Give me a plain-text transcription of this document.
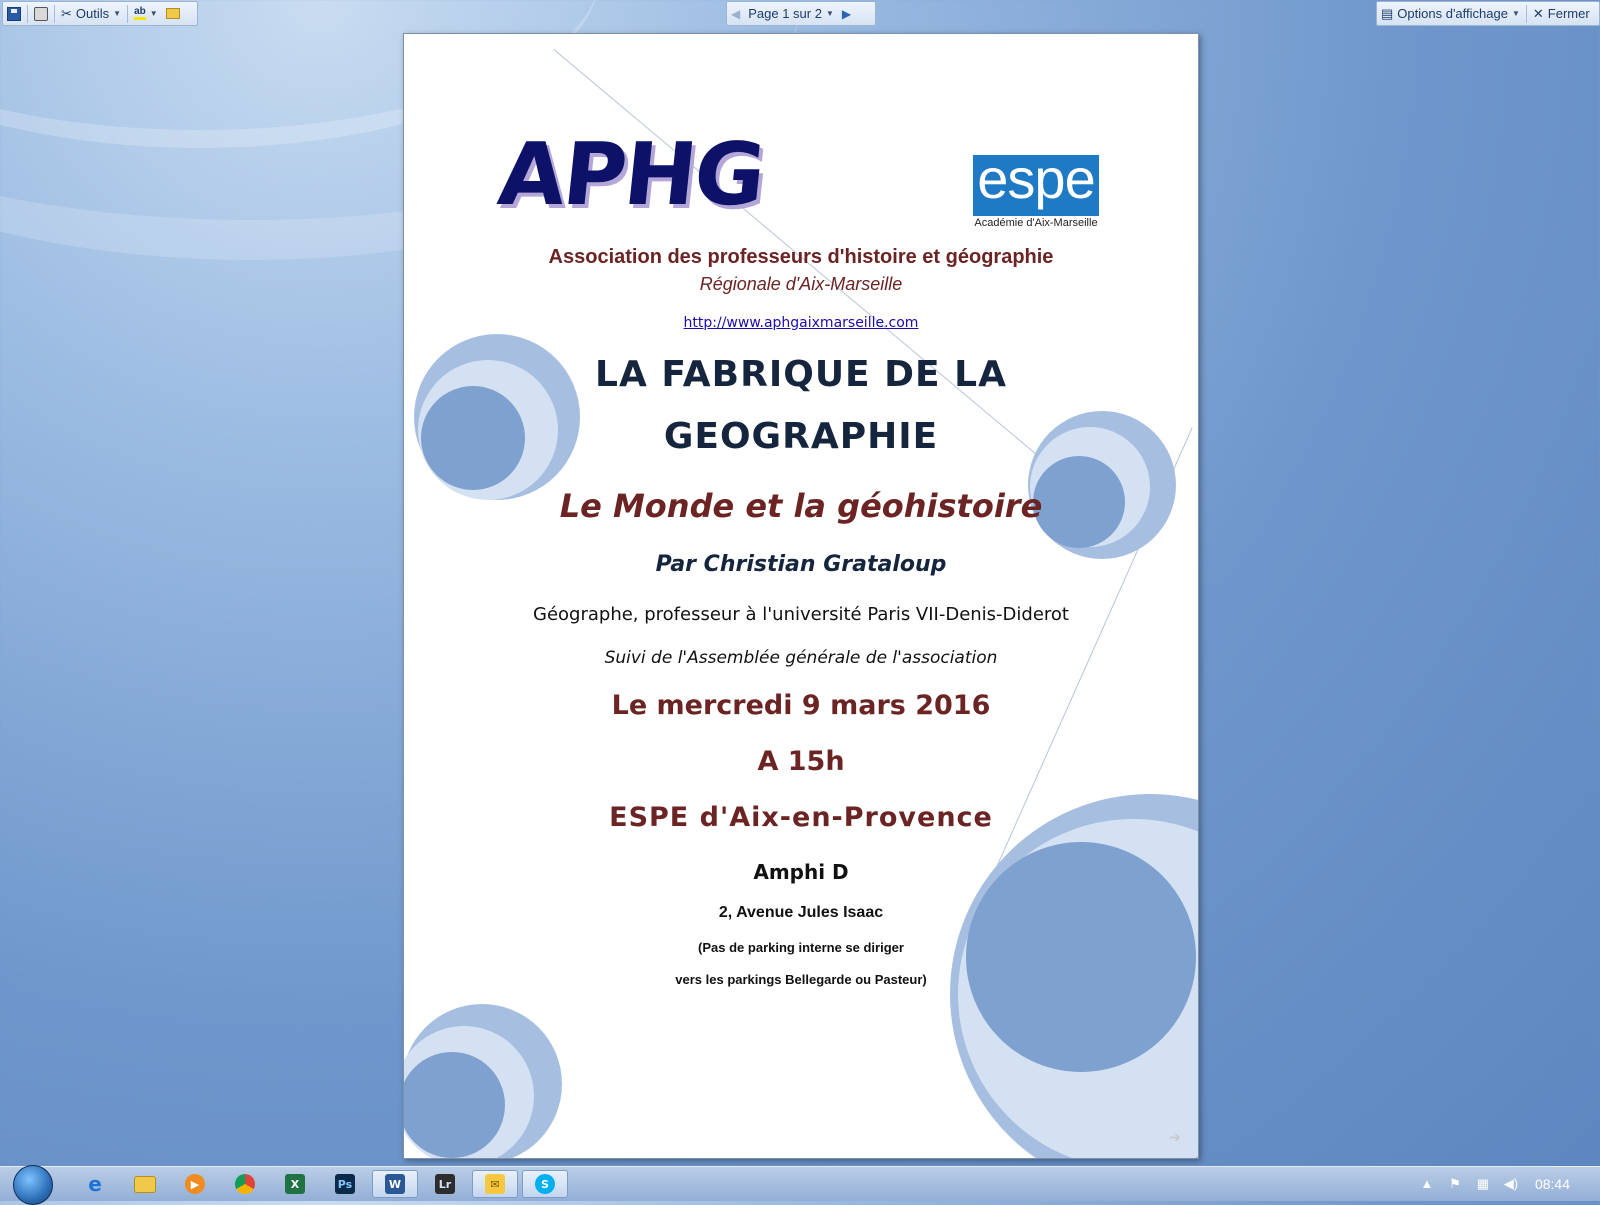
✂ Outils ▼ ab ▼	◀ Page 1 sur 2 ▼ ▶	▤ Options d'affichage ▼ ✕ Fermer
APHG	espe
Académie d'Aix-Marseille
Association des professeurs d'histoire et géographie
Régionale d'Aix-Marseille
http://www.aphgaixmarseille.com
LA FABRIQUE DE LA
GEOGRAPHIE
Le Monde et la géohistoire
Par Christian Grataloup
Géographe, professeur à l'université Paris VII-Denis-Diderot
Suivi de l'Assemblée générale de l'association
Le mercredi 9 mars 2016
A 15h
ESPE d'Aix-en-Provence
Amphi D
2, Avenue Jules Isaac
(Pas de parking interne se diriger
vers les parkings Bellegarde ou Pasteur)
➔
e	▶	X	Ps	W	Lr	✉	S	▲ ⚑ ▦ ◀) 08:44
